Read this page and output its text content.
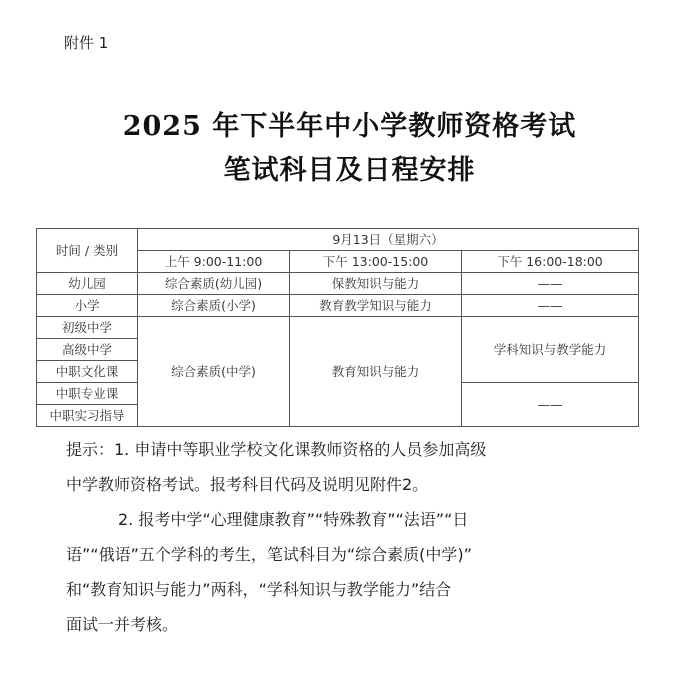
附件 1
2025 年下半年中小学教师资格考试
笔试科目及日程安排
时间 / 类别	9月13日（星期六）		
	上午 9:00-11:00	下午 13:00-15:00	下午 16:00-18:00
幼儿园	综合素质(幼儿园)	保教知识与能力	——
小学	综合素质(小学)	教育教学知识与能力	——
初级中学	综合素质(中学)	教育知识与能力	学科知识与教学能力
高级中学			
中职文化课			
中职专业课			——
中职实习指导			

提示：1. 申请中等职业学校文化课教师资格的人员参加高级

中学教师资格考试。报考科目代码及说明见附件2。

2. 报考中学“心理健康教育”“特殊教育”“法语”“日

语”“俄语”五个学科的考生，笔试科目为“综合素质(中学)”

和“教育知识与能力”两科，“学科知识与教学能力”结合

面试一并考核。
